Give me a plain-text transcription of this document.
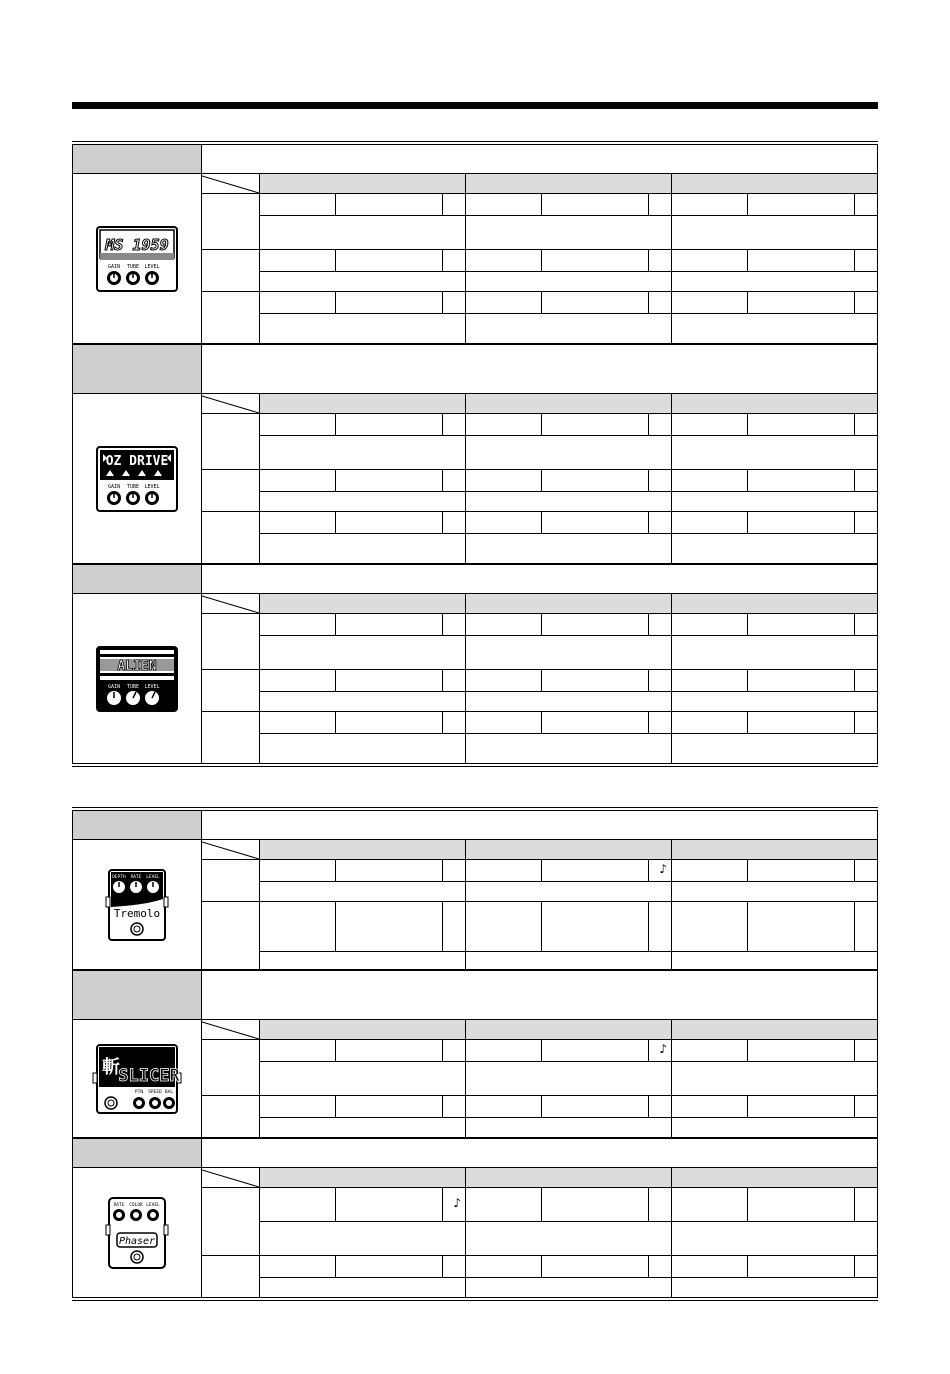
MS 1959
GAIN TUBE LEVEL
OZ DRIVE
GAIN TUBE LEVEL
ALIEN
GAIN TUBE LEVEL
DEPTH RATE LEVEL
Tremolo
♪
斬
SLICER
PTN SPEED BAL
♪
RATE COLOR LEVEL
Phaser
♪
